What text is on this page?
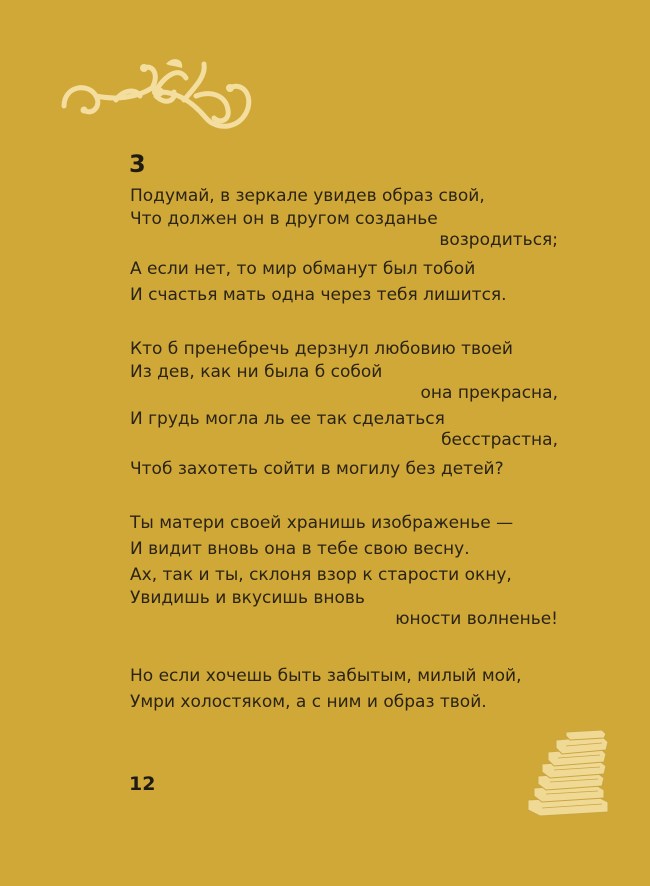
3
Подумай, в зеркале увидев образ свой,
Что должен он в другом созданье
возродиться;
А если нет, то мир обманут был тобой
И счастья мать одна через тебя лишится.
Кто б пренебречь дерзнул любовию твоей
Из дев, как ни была б собой
она прекрасна,
И грудь могла ль ее так сделаться
бесстрастна,
Чтоб захотеть сойти в могилу без детей?
Ты матери своей хранишь изображенье —
И видит вновь она в тебе свою весну.
Ах, так и ты, склоня взор к старости окну,
Увидишь и вкусишь вновь
юности волненье!
Но если хочешь быть забытым, милый мой,
Умри холостяком, а с ним и образ твой.
12
